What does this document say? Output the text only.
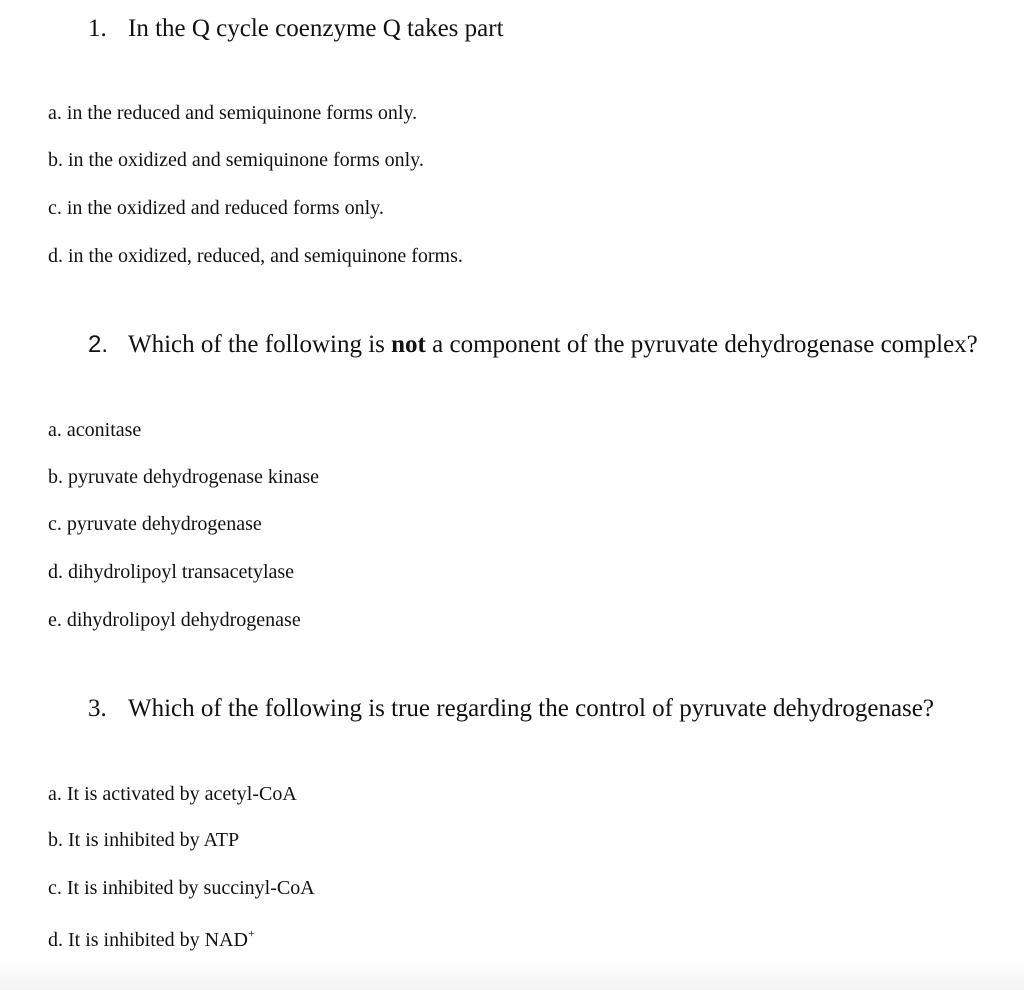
1. In the Q cycle coenzyme Q takes part
a. in the reduced and semiquinone forms only.
b. in the oxidized and semiquinone forms only.
c. in the oxidized and reduced forms only.
d. in the oxidized, reduced, and semiquinone forms.
2. Which of the following is not a component of the pyruvate dehydrogenase complex?
a. aconitase
b. pyruvate dehydrogenase kinase
c. pyruvate dehydrogenase
d. dihydrolipoyl transacetylase
e. dihydrolipoyl dehydrogenase
3. Which of the following is true regarding the control of pyruvate dehydrogenase?
a. It is activated by acetyl-CoA
b. It is inhibited by ATP
c. It is inhibited by succinyl-CoA
d. It is inhibited by NAD+
